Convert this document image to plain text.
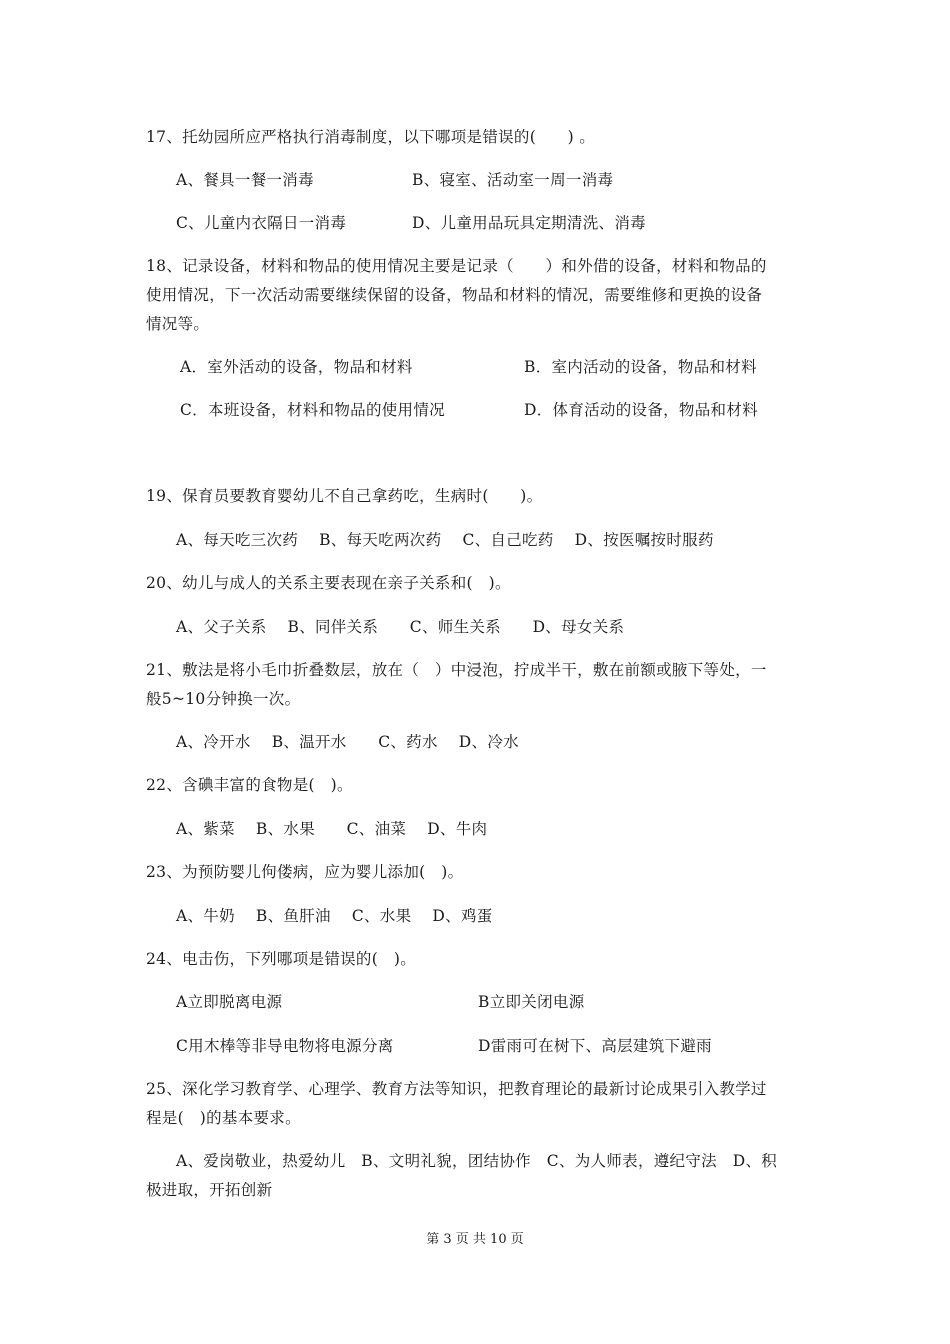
17、托幼园所应严格执行消毒制度，以下哪项是错误的(　　) 。
A、餐具一餐一消毒	B、寝室、活动室一周一消毒
C、儿童内衣隔日一消毒	D、儿童用品玩具定期清洗、消毒
18、记录设备，材料和物品的使用情况主要是记录（　　）和外借的设备，材料和物品的
使用情况，下一次活动需要继续保留的设备，物品和材料的情况，需要维修和更换的设备
情况等。
A．室外活动的设备，物品和材料	B．室内活动的设备，物品和材料
C．本班设备，材料和物品的使用情况	D．体育活动的设备，物品和材料
19、保育员要教育婴幼儿不自己拿药吃，生病时(　　)。
A、每天吃三次药　 B、每天吃两次药　 C、自己吃药　 D、按医嘱按时服药
20、幼儿与成人的关系主要表现在亲子关系和(　)。
A、父子关系　 B、同伴关系　　C、师生关系　　D、母女关系
21、敷法是将小毛巾折叠数层，放在（　）中浸泡，拧成半干，敷在前额或腋下等处，一
般5~10分钟换一次。
A、冷开水　 B、温开水　　C、药水　 D、冷水
22、含碘丰富的食物是(　)。
A、紫菜　 B、水果　　C、油菜　 D、牛肉
23、为预防婴儿佝偻病，应为婴儿添加(　)。
A、牛奶　 B、鱼肝油　 C、水果　 D、鸡蛋
24、电击伤，下列哪项是错误的(　)。
A立即脱离电源	B立即关闭电源
C用木棒等非导电物将电源分离	D雷雨可在树下、高层建筑下避雨
25、深化学习教育学、心理学、教育方法等知识，把教育理论的最新讨论成果引入教学过
程是(　)的基本要求。
A、爱岗敬业，热爱幼儿　B、文明礼貌，团结协作　C、为人师表，遵纪守法　D、积
极进取，开拓创新
第 3 页 共 10 页
